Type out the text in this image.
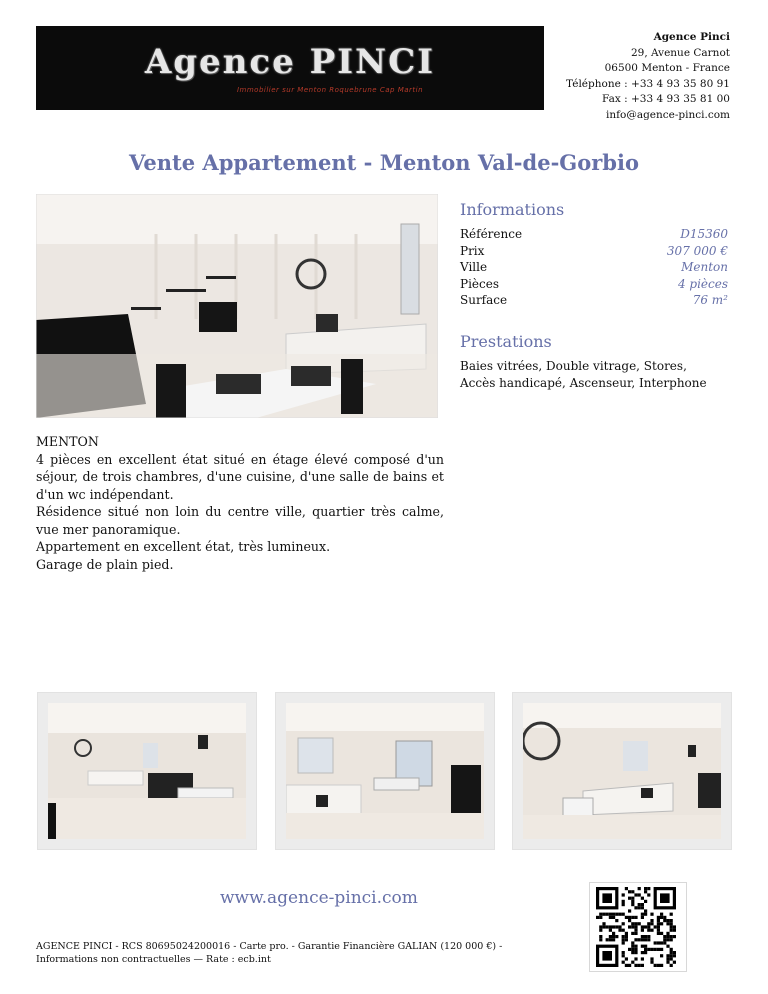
Agence PINCI
Immobilier sur Menton Roquebrune Cap Martin
Agence Pinci
29, Avenue Carnot
06500 Menton - France
Téléphone : +33 4 93 35 80 91
Fax : +33 4 93 35 81 00
info@agence-pinci.com
Vente Appartement - Menton Val-de-Gorbio
Informations
Référence	D15360
Prix	307 000 €
Ville	Menton
Pièces	4 pièces
Surface	76 m²
Prestations
Baies vitrées, Double vitrage, Stores,
Accès handicapé, Ascenseur, Interphone

MENTON

4 pièces en excellent état situé en étage élevé composé d'un séjour, de trois chambres, d'une cuisine, d'une salle de bains et d'un wc indépendant.

Résidence situé non loin du centre ville, quartier très calme, vue mer panoramique.

Appartement en excellent état, très lumineux.

Garage de plain pied.

www.agence-pinci.com
AGENCE PINCI - RCS 80695024200016 - Carte pro. - Garantie Financière GALIAN (120 000 €) -
Informations non contractuelles — Rate : ecb.int
